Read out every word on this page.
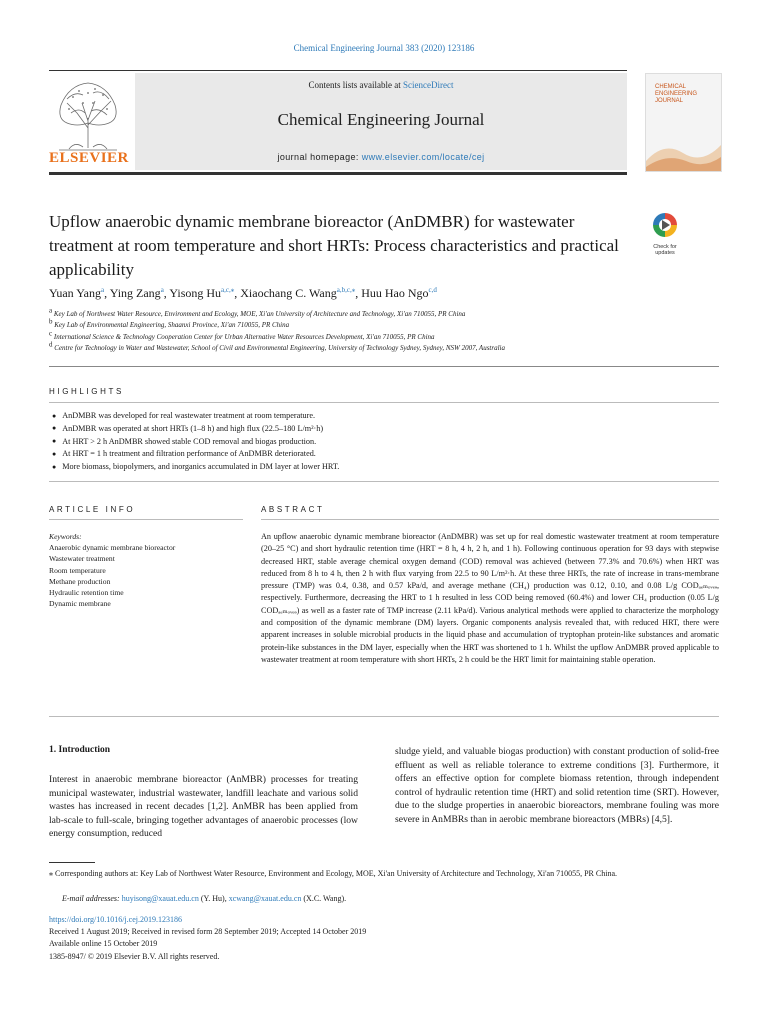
Chemical Engineering Journal 383 (2020) 123186
ELSEVIER
Contents lists available at ScienceDirect
Chemical Engineering Journal
journal homepage: www.elsevier.com/locate/cej
CHEMICAL
ENGINEERING
JOURNAL
Upflow anaerobic dynamic membrane bioreactor (AnDMBR) for wastewater treatment at room temperature and short HRTs: Process characteristics and practical applicability
Check for updates
Yuan Yang$^a$, Ying Zang$^a$, Yisong $Hu^{a,c,⁎}$, Xiaochang C. Wang$^{a,b,c,⁎}$, Huu Hao Ngo$^{c,d}$
$^a$ Key Lab of Northwest Water Resource, Environment and Ecology, MOE, Xi'an University of Architecture and Technology, Xi'an 710055, PR China
$^b$ Key Lab of Environmental Engineering, Shaanxi Province, Xi'an 710055, PR China
$^c$ International Science & Technology Cooperation Center for Urban Alternative Water Resources Development, Xi'an 710055, PR China
$^d$ Centre for Technology in Water and Wastewater, School of Civil and Environmental Engineering, University of Technology Sydney, Sydney, NSW 2007, Australia
HIGHLIGHTS
● AnDMBR was developed for real wastewater treatment at room temperature.
● AnDMBR was operated at short HRTs (1–8 h) and high flux (22.5–180 L/m²·h)
● At HRT > 2 h AnDMBR showed stable COD removal and biogas production.
● At HRT = 1 h treatment and filtration performance of AnDMBR deteriorated.
● More biomass, biopolymers, and inorganics accumulated in DM layer at lower HRT.
ARTICLE INFO
Keywords:
Anaerobic dynamic membrane bioreactor
Wastewater treatment
Room temperature
Methane production
Hydraulic retention time
Dynamic membrane
ABSTRACT
An upflow anaerobic dynamic membrane bioreactor (AnDMBR) was set up for real domestic wastewater treatment at room temperature (20–25 °C) and short hydraulic retention time (HRT = 8 h, 4 h, 2 h, and 1 h). Following continuous operation for 93 days with stepwise decreased HRT, stable average chemical oxygen demand (COD) removal was achieved (between 77.3% and 70.6%) when HRT was reduced from 8 h to 4 h, then 2 h with flux varying from 22.5 to 90 L/m²·h. At these three HRTs, the rate of increase in trans-membrane pressure (TMP) was 0.4, 0.38, and 0.57 kPa/d, and average methane (CH₄) production was 0.12, 0.10, and 0.08 L/g CODₐₑₘₒᵥₑₔ, respectively. Furthermore, decreasing the HRT to 1 h resulted in less COD being removed (60.4%) and lower CH₄ production (0.05 L/g CODₐₑₘₒᵥₑₔ) as well as a faster rate of TMP increase (2.11 kPa/d). Various analytical methods were applied to characterize the morphology and composition of the dynamic membrane (DM) layers. Organic components analysis revealed that, with reduced HRT, there were apparent increases in soluble microbial products in the liquid phase and accumulation of tryptophan protein-like substances and aromatic protein-like substances in the DM layer, especially when the HRT was shortened to 1 h. Whilst the upflow AnDMBR proved applicable to wastewater treatment at room temperature with short HRTs, 2 h could be the HRT limit for maintaining stable operation.
1. Introduction
Interest in anaerobic membrane bioreactor (AnMBR) processes for treating municipal wastewater, industrial wastewater, landfill leachate and various solid wastes has increased in recent decades [1,2]. AnMBR has been applied from lab-scale to full-scale, bringing together advantages of anaerobic processes (low energy consumption, reduced
sludge yield, and valuable biogas production) with constant production of solid-free effluent as well as reliable tolerance to extreme conditions [3]. Furthermore, it offers an effective option for complete biomass retention, through independent control of hydraulic retention time (HRT) and solid retention time (SRT). However, due to the sludge properties in anaerobic bioreactors, membrane fouling was more severe in AnMBRs than in aerobic membrane bioreactors (MBRs) [4,5].
⁎ Corresponding authors at: Key Lab of Northwest Water Resource, Environment and Ecology, MOE, Xi'an University of Architecture and Technology, Xi'an 710055, PR China.
E-mail addresses: huyisong@xauat.edu.cn (Y. Hu), xcwang@xauat.edu.cn (X.C. Wang).
https://doi.org/10.1016/j.cej.2019.123186
Received 1 August 2019; Received in revised form 28 September 2019; Accepted 14 October 2019
Available online 15 October 2019
1385-8947/ © 2019 Elsevier B.V. All rights reserved.
